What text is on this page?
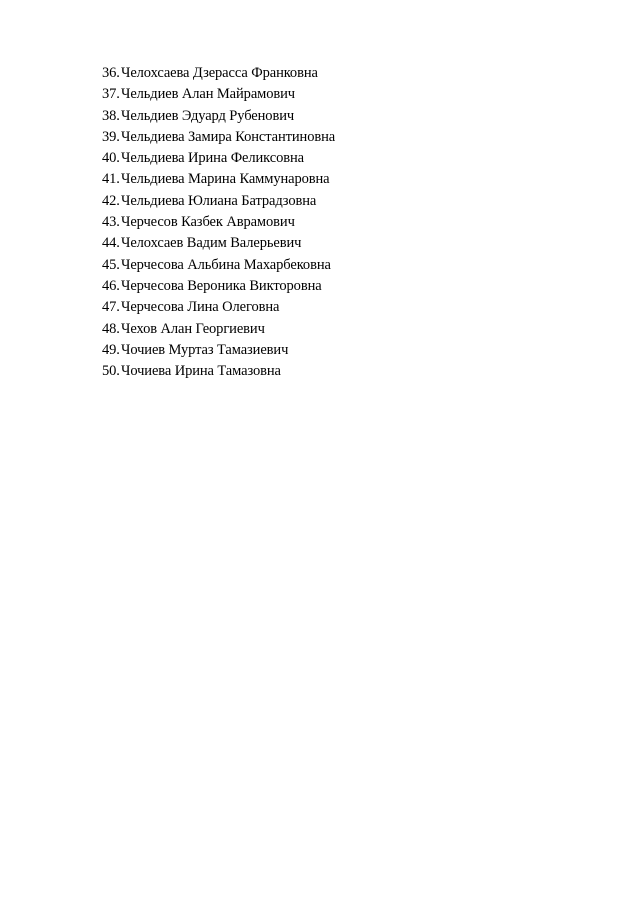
36. Челохсаева Дзерасса Франковна
37. Чельдиев Алан Майрамович
38. Чельдиев Эдуард Рубенович
39. Чельдиева Замира Константиновна
40. Чельдиева Ирина Феликсовна
41. Чельдиева Марина Каммунаровна
42. Чельдиева Юлиана Батрадзовна
43. Черчесов Казбек Аврамович
44. Челохсаев Вадим Валерьевич
45. Черчесова Альбина Махарбековна
46. Черчесова Вероника Викторовна
47. Черчесова Лина Олеговна
48. Чехов Алан Георгиевич
49. Чочиев Муртаз Тамазиевич
50. Чочиева Ирина Тамазовна
